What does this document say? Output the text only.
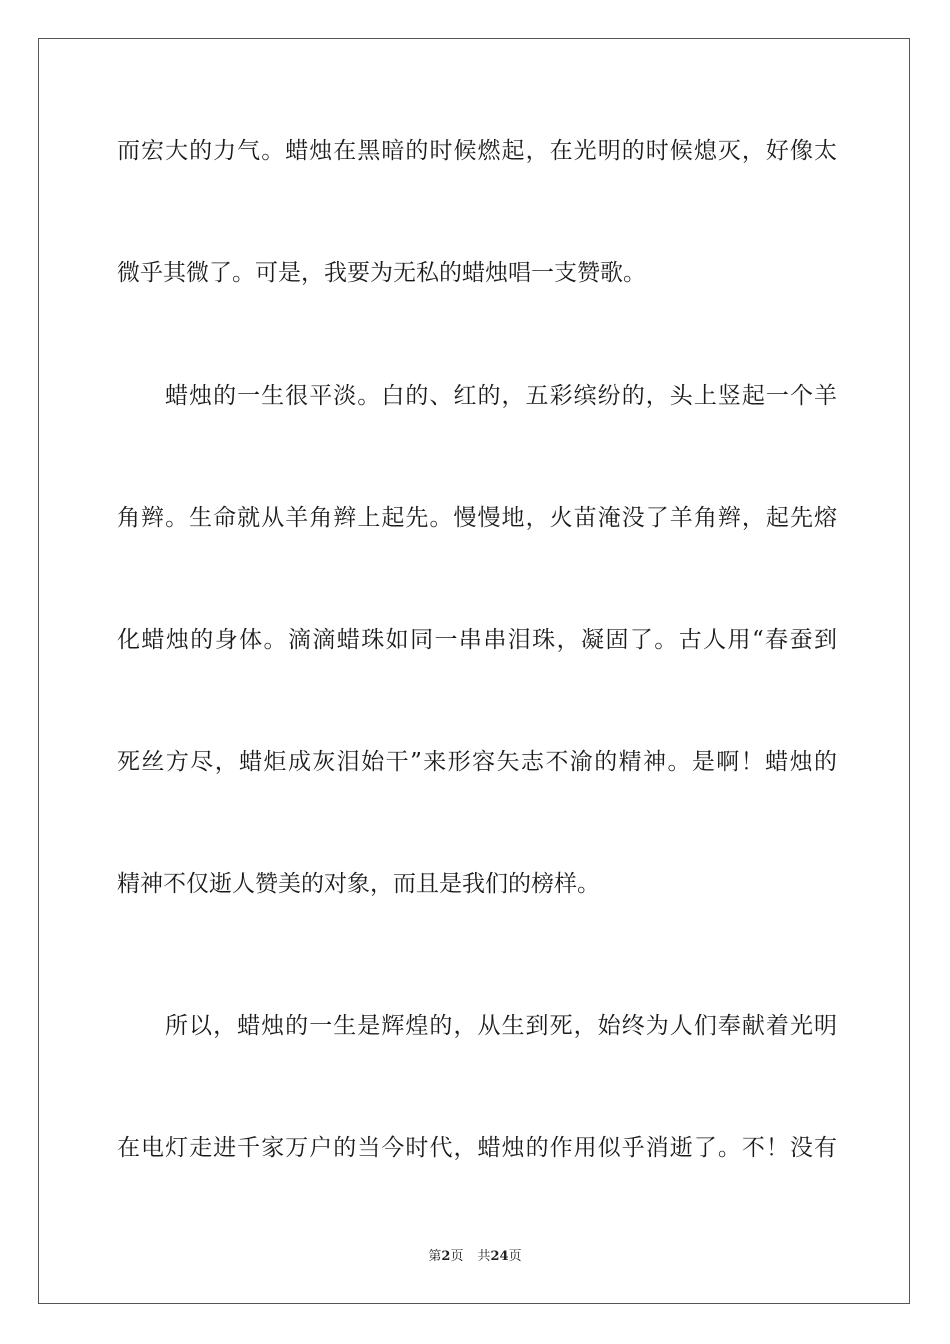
而宏大的力气。蜡烛在黑暗的时候燃起，在光明的时候熄灭，好像太
微乎其微了。可是，我要为无私的蜡烛唱一支赞歌。
蜡烛的一生很平淡。白的、红的，五彩缤纷的，头上竖起一个羊
角辫。生命就从羊角辫上起先。慢慢地，火苗淹没了羊角辫，起先熔
化蜡烛的身体。滴滴蜡珠如同一串串泪珠，凝固了。古人用“春蚕到
死丝方尽，蜡炬成灰泪始干”来形容矢志不渝的精神。是啊！蜡烛的
精神不仅逝人赞美的对象，而且是我们的榜样。
所以，蜡烛的一生是辉煌的，从生到死，始终为人们奉献着光明
在电灯走进千家万户的当今时代，蜡烛的作用似乎消逝了。不！没有
第2页 共24页
